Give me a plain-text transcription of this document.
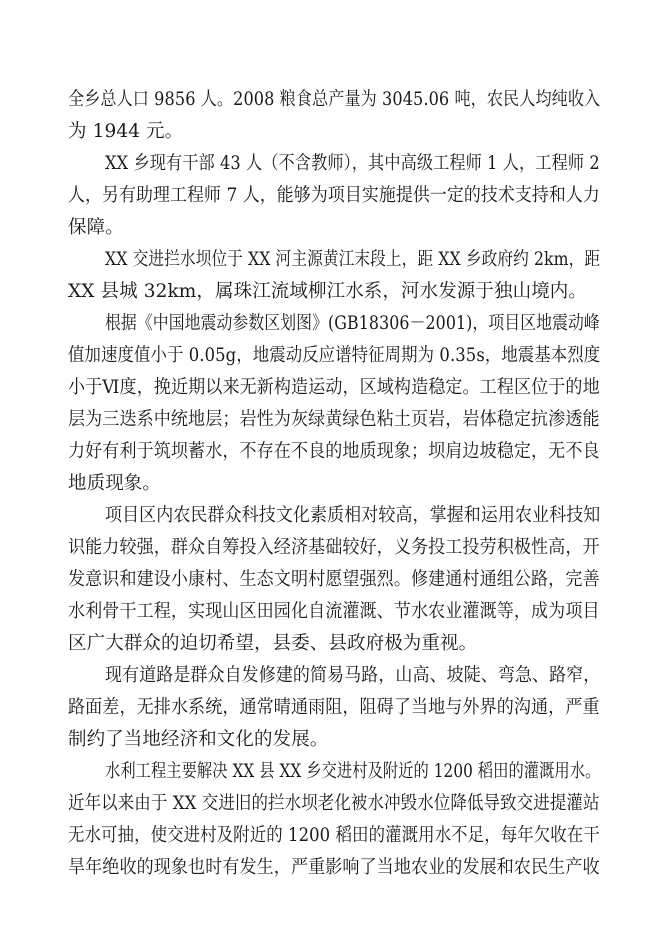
全乡总人口 9856 人。2008 粮食总产量为 3045.06 吨，农民人均纯收入
为 1944 元。
XX 乡现有干部 43 人（不含教师），其中高级工程师 1 人，工程师 2
人，另有助理工程师 7 人，能够为项目实施提供一定的技术支持和人力
保障。
XX 交进拦水坝位于 XX 河主源黄江末段上，距 XX 乡政府约 2km，距
XX 县城 32km，属珠江流域柳江水系，河水发源于独山境内。
根据《中国地震动参数区划图》(GB18306－2001)，项目区地震动峰
值加速度值小于 0.05g，地震动反应谱特征周期为 0.35s，地震基本烈度
小于Ⅵ度，挽近期以来无新构造运动，区域构造稳定。工程区位于的地
层为三迭系中统地层；岩性为灰绿黄绿色粘土页岩，岩体稳定抗渗透能
力好有利于筑坝蓄水，不存在不良的地质现象；坝肩边坡稳定，无不良
地质现象。
项目区内农民群众科技文化素质相对较高，掌握和运用农业科技知
识能力较强，群众自筹投入经济基础较好，义务投工投劳积极性高，开
发意识和建设小康村、生态文明村愿望强烈。修建通村通组公路，完善
水利骨干工程，实现山区田园化自流灌溉、节水农业灌溉等，成为项目
区广大群众的迫切希望，县委、县政府极为重视。
现有道路是群众自发修建的简易马路，山高、坡陡、弯急、路窄，
路面差，无排水系统，通常晴通雨阻，阻碍了当地与外界的沟通，严重
制约了当地经济和文化的发展。
水利工程主要解决 XX 县 XX 乡交进村及附近的 1200 稻田的灌溉用水。
近年以来由于 XX 交进旧的拦水坝老化被水冲毁水位降低导致交进提灌站
无水可抽，使交进村及附近的 1200 稻田的灌溉用水不足，每年欠收在干
旱年绝收的现象也时有发生，严重影响了当地农业的发展和农民生产收
